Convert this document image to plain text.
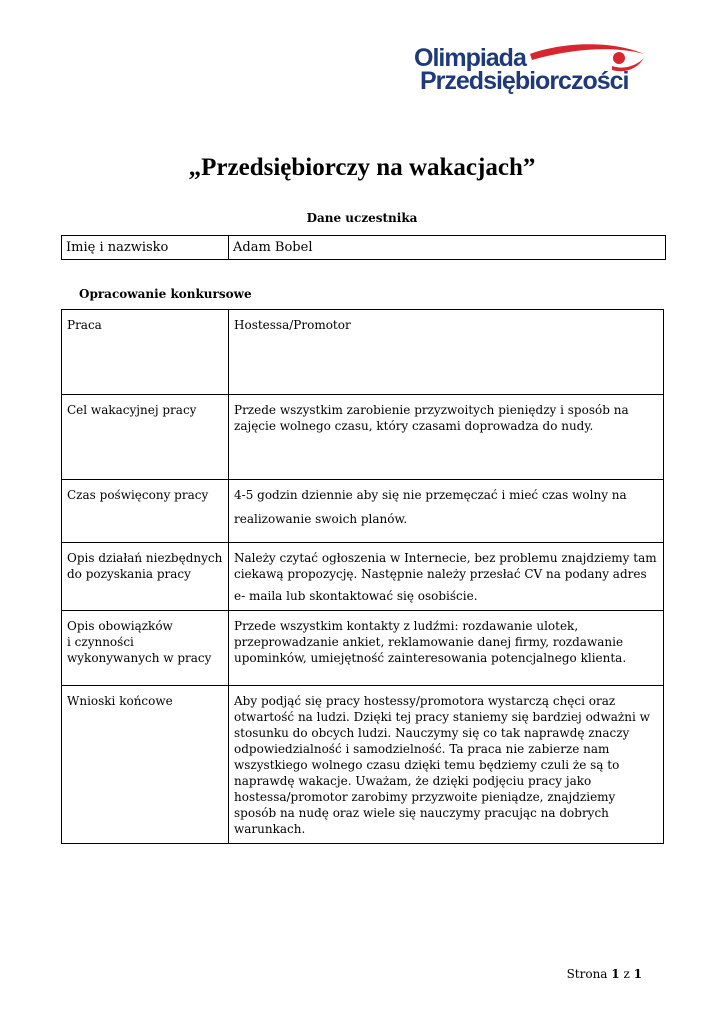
Olimpiada
Przedsiębiorczości
„Przedsiębiorczy na wakacjach”
Dane uczestnika
Imię i nazwisko	Adam Bobel
Opracowanie konkursowe
Praca	Hostessa/Promotor
Cel wakacyjnej pracy	Przede wszystkim zarobienie przyzwoitych pieniędzy i sposób na zajęcie wolnego czasu, który czasami doprowadza do nudy.
Czas poświęcony pracy	4-5 godzin dziennie aby się nie przemęczać i mieć czas wolny na
realizowanie swoich planów.

Opis działań niezbędnych
do pozyskania pracy	Należy czytać ogłoszenia w Internecie, bez problemu znajdziemy tam ciekawą propozycję. Następnie należy przesłać CV na podany adres
e- maila lub skontaktować się osobiście.

Opis obowiązków
i czynności
wykonywanych w pracy	Przede wszystkim kontakty z ludźmi: rozdawanie ulotek, przeprowadzanie ankiet, reklamowanie danej firmy, rozdawanie upominków, umiejętność zainteresowania potencjalnego klienta.
Wnioski końcowe	Aby podjąć się pracy hostessy/promotora wystarczą chęci oraz otwartość na ludzi. Dzięki tej pracy staniemy się bardziej odważni w stosunku do obcych ludzi. Nauczymy się co tak naprawdę znaczy odpowiedzialność i samodzielność. Ta praca nie zabierze nam wszystkiego wolnego czasu dzięki temu będziemy czuli że są to naprawdę wakacje. Uważam, że dzięki podjęciu pracy jako hostessa/promotor zarobimy przyzwoite pieniądze, znajdziemy sposób na nudę oraz wiele się nauczymy pracując na dobrych warunkach.
Strona 1 z 1
